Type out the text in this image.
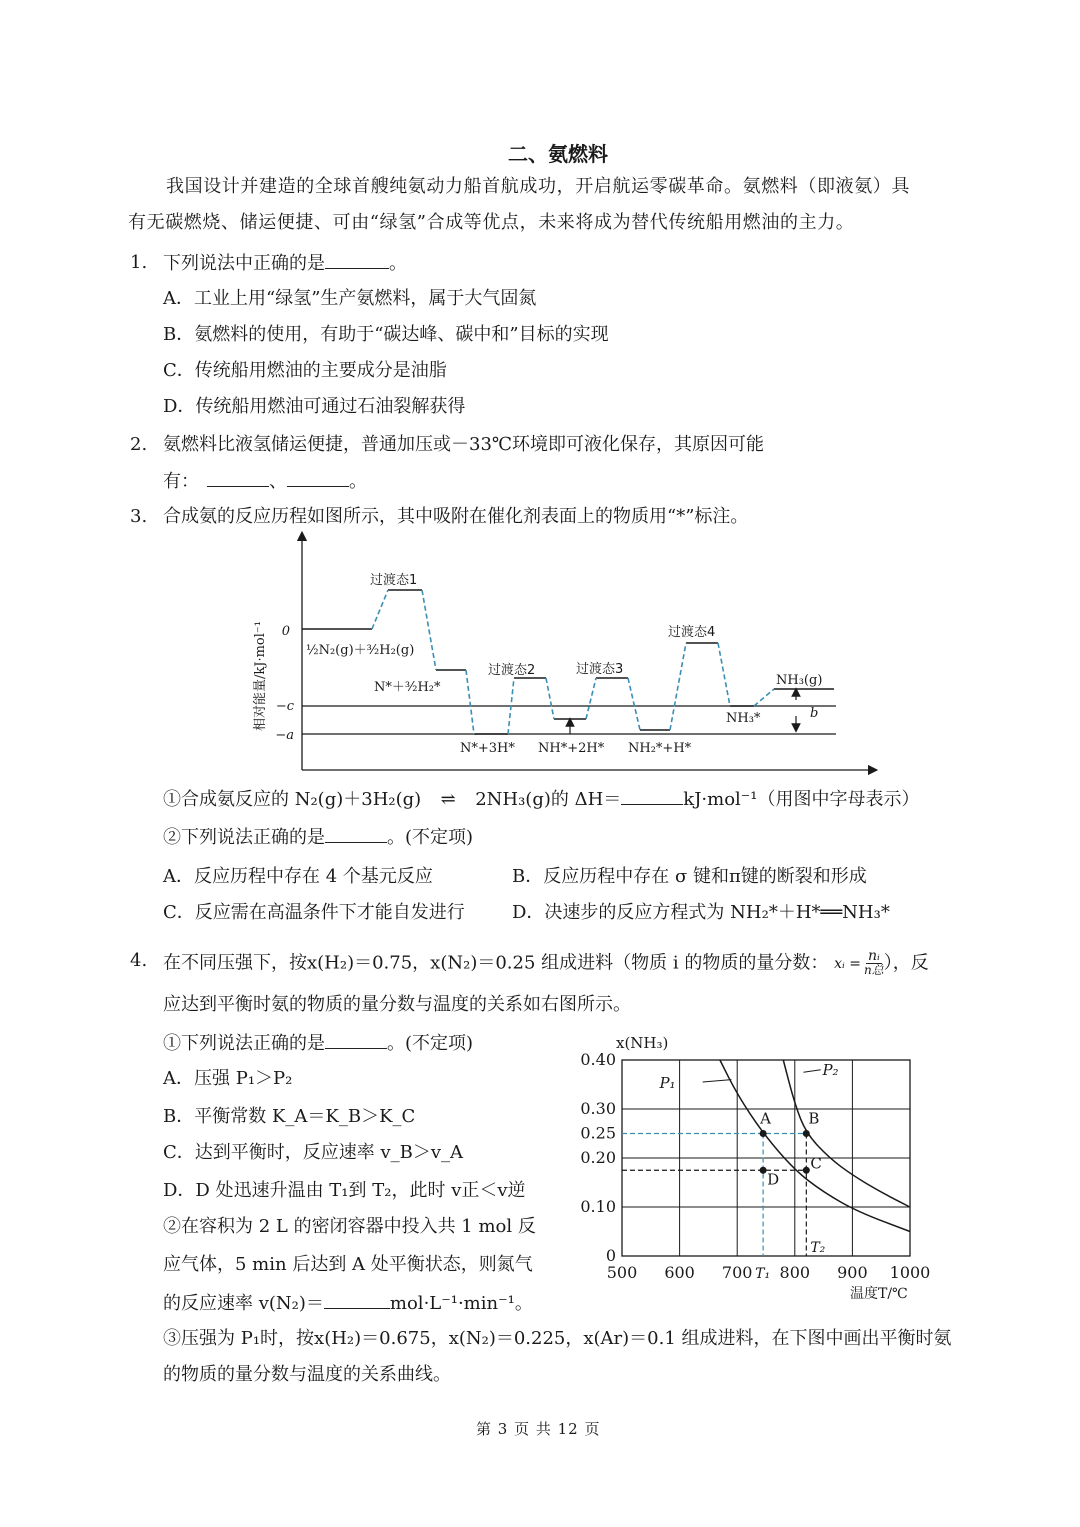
二、氨燃料
我国设计并建造的全球首艘纯氨动力船首航成功，开启航运零碳革命。氨燃料（即液氨）具
有无碳燃烧、储运便捷、可由“绿氢”合成等优点，未来将成为替代传统船用燃油的主力。
1. 下列说法中正确的是	。
A．工业上用“绿氢”生产氨燃料，属于大气固氮
B．氨燃料的使用，有助于“碳达峰、碳中和”目标的实现
C．传统船用燃油的主要成分是油脂
D．传统船用燃油可通过石油裂解获得
2. 氨燃料比液氢储运便捷，普通加压或－33℃环境即可液化保存，其原因可能
有：	、	。
3. 合成氨的反应历程如图所示，其中吸附在催化剂表面上的物质用“*”标注。
相对能量/kJ·mol⁻¹ 0
−c
−a
b
过渡态1
过渡态2	过渡态3
过渡态4
½N₂(g)＋³⁄₂H₂(g)
N*＋³⁄₂H₂*
N*+3H* NH*+2H* NH₂*+H*
NH₃*
NH₃(g)
①合成氨反应的 N₂(g)＋3H₂(g) ⇌ 2NH₃(g)的 ΔH＝	kJ·mol⁻¹（用图中字母表示）
②下列说法正确的是	。(不定项)
A．反应历程中存在 4 个基元反应	B．反应历程中存在 σ 键和π键的断裂和形成
C．反应需在高温条件下才能自发进行	D．决速步的反应方程式为 NH₂*＋H*══NH₃*
4. 在不同压强下，按x(H₂)＝0.75，x(N₂)＝0.25 组成进料（物质 i 的物质的量分数： xᵢ = nᵢ
n总 ），反
应达到平衡时氨的物质的量分数与温度的关系如右图所示。
①下列说法正确的是	。(不定项)
A．压强 P₁＞P₂
B．平衡常数 K_A＝K_B＞K_C
C．达到平衡时，反应速率 v_B＞v_A
D．D 处迅速升温由 T₁到 T₂，此时 v正＜v逆
②在容积为 2 L 的密闭容器中投入共 1 mol 反
应气体，5 min 后达到 A 处平衡状态，则氮气
的反应速率 v(N₂)＝	mol·L⁻¹·min⁻¹。
③压强为 P₁时，按x(H₂)＝0.675，x(N₂)＝0.225，x(Ar)＝0.1 组成进料，在下图中画出平衡时氨
的物质的量分数与温度的关系曲线。
x(NH₃)
温度T/℃
500 600 700 800 900 1000
0
0.10
0.20
0.25
0.30
0.40
P₁
P₂
A B
C
D
T₁
T₂
第 3 页 共 12 页
